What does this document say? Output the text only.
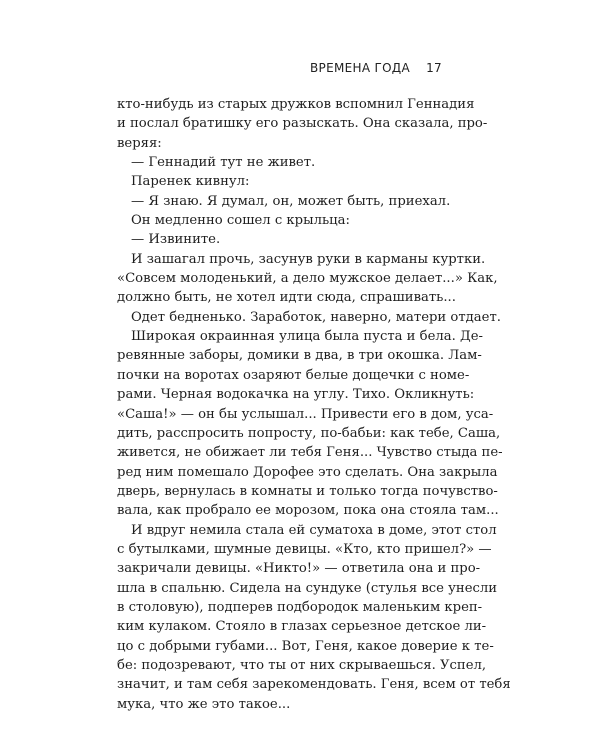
ВРЕМЕНА ГОДА 17
кто-нибудь из старых дружков вспомнил Геннадия
и послал братишку его разыскать. Она сказала, про-
веряя:
— Геннадий тут не живет.
Паренек кивнул:
— Я знаю. Я думал, он, может быть, приехал.
Он медленно сошел с крыльца:
— Извините.
И зашагал прочь, засунув руки в карманы куртки.
«Совсем молоденький, а дело мужское делает...» Как,
должно быть, не хотел идти сюда, спрашивать...
Одет бедненько. Заработок, наверно, матери отдает.
Широкая окраинная улица была пуста и бела. Де-
ревянные заборы, домики в два, в три окошка. Лам-
почки на воротах озаряют белые дощечки с номе-
рами. Черная водокачка на углу. Тихо. Окликнуть:
«Саша!» — он бы услышал... Привести его в дом, уса-
дить, расспросить попросту, по-бабьи: как тебе, Саша,
живется, не обижает ли тебя Геня... Чувство стыда пе-
ред ним помешало Дорофее это сделать. Она закрыла
дверь, вернулась в комнаты и только тогда почувство-
вала, как пробрало ее морозом, пока она стояла там...
И вдруг немила стала ей суматоха в доме, этот стол
с бутылками, шумные девицы. «Кто, кто пришел?» —
закричали девицы. «Никто!» — ответила она и про-
шла в спальню. Сидела на сундуке (стулья все унесли
в столовую), подперев подбородок маленьким креп-
ким кулаком. Стояло в глазах серьезное детское ли-
цо с добрыми губами... Вот, Геня, какое доверие к те-
бе: подозревают, что ты от них скрываешься. Успел,
значит, и там себя зарекомендовать. Геня, всем от тебя
мука, что же это такое...
